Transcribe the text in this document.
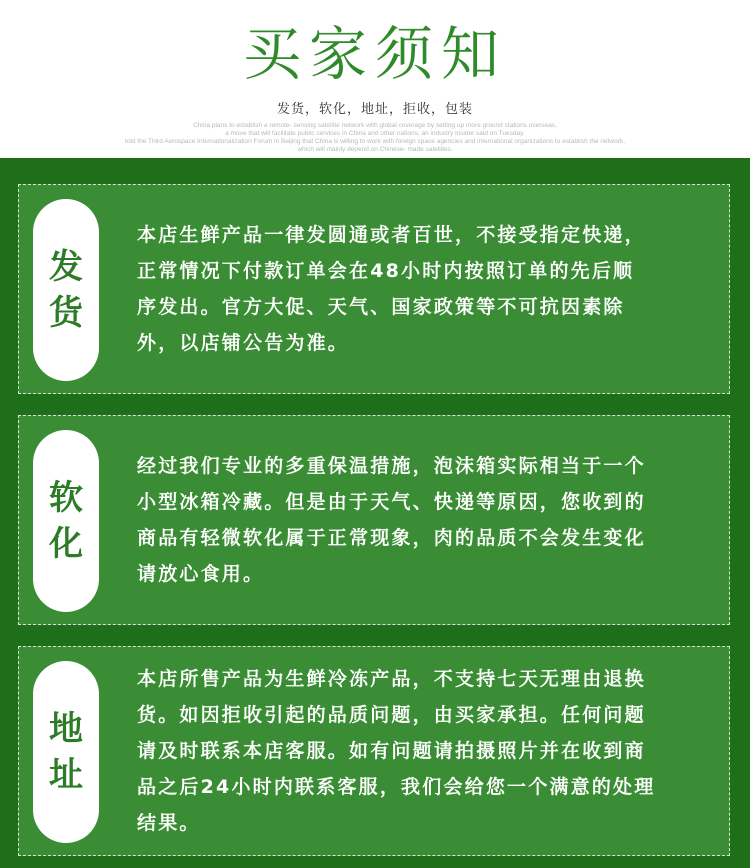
买家须知
发货，软化，地址，拒收，包装
China plans to establish a remote- sensing satellite network with global coverage by setting up more ground stations overseas,
a move that will facilitate public services in China and other nations, an industry insider said on Tuesday.
told the Third Aerospace Internationalization Forum in Beijing that China is willing to work with foreign space agencies and international organizations to establish the network,
which will mainly depend on Chinese- made satellites.
发
货
本店生鲜产品一律发圆通或者百世，不接受指定快递，
正常情况下付款订单会在48小时内按照订单的先后顺
序发出。官方大促、天气、国家政策等不可抗因素除
外，以店铺公告为准。
软
化
经过我们专业的多重保温措施，泡沫箱实际相当于一个
小型冰箱冷藏。但是由于天气、快递等原因，您收到的
商品有轻微软化属于正常现象，肉的品质不会发生变化
请放心食用。
地
址
本店所售产品为生鲜冷冻产品，不支持七天无理由退换
货。如因拒收引起的品质问题，由买家承担。任何问题
请及时联系本店客服。如有问题请拍摄照片并在收到商
品之后24小时内联系客服，我们会给您一个满意的处理
结果。
